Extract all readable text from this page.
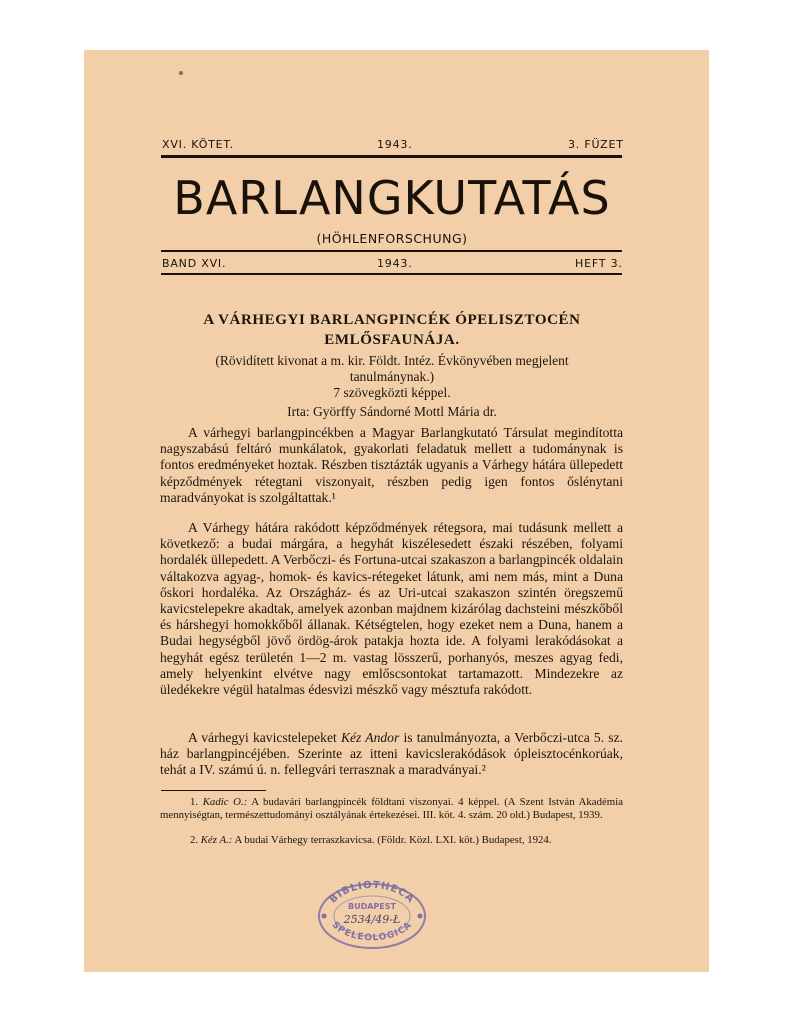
XVI. KÖTET.	1943.	3. FÜZET
BARLANGKUTATÁS
(HÖHLENFORSCHUNG)
BAND XVI.	1943.	HEFT 3.
A VÁRHEGYI BARLANGPINCÉK ÓPELISZTOCÉN
EMLŐSFAUNÁJA.
(Rövidített kivonat a m. kir. Földt. Intéz. Évkönyvében megjelent tanulmánynak.)
7 szövegközti képpel.
Irta: Györffy Sándorné Mottl Mária dr.

A várhegyi barlangpincékben a Magyar Barlangkutató Társulat megindította nagyszabású feltáró munkálatok, gyakorlati feladatuk mellett a tudománynak is fontos eredményeket hoztak. Részben tisztázták ugyanis a Várhegy hátára üllepedett képződmények rétegtani viszonyait, részben pedig igen fontos őslénytani maradványokat is szolgáltattak.¹

A Várhegy hátára rakódott képződmények rétegsora, mai tudásunk mellett a következő: a budai márgára, a hegyhát kiszélesedett északi részében, folyami hordalék üllepedett. A Verbőczi- és Fortuna-utcai szakaszon a barlangpincék oldalain váltakozva agyag-, homok- és kavics-rétegeket látunk, ami nem más, mint a Duna őskori hordaléka. Az Országház- és az Uri-utcai szakaszon szintén öregszemű kavicstelepekre akadtak, amelyek azonban majdnem kizárólag dachsteini mészkőből és hárshegyi homokkőből állanak. Kétségtelen, hogy ezeket nem a Duna, hanem a Budai hegységből jövő ördög-árok patakja hozta ide. A folyami lerakódásokat a hegyhát egész területén 1—2 m. vastag lösszerű, porhanyós, meszes agyag fedi, amely helyenkint elvétve nagy emlőscsontokat tartamazott. Mindezekre az üledékekre végül hatalmas édesvizi mészkő vagy mésztufa rakódott.

A várhegyi kavicstelepeket Kéz Andor is tanulmányozta, a Verbőczi-utca 5. sz. ház barlangpincéjében. Szerinte az itteni kavicslerakódások ópleisztocénkorúak, tehát a IV. számú ú. n. fellegvári terrasznak a maradványai.²

1. Kadic O.: A budavári barlangpincék földtani viszonyai. 4 képpel. (A Szent István Akadémia mennyiségtan, természettudományi osztályának értekezései. III. köt. 4. szám. 20 old.) Budapest, 1939.

2. Kéz A.: A budai Várhegy terraszkavicsa. (Földr. Közl. LXI. köt.) Budapest, 1924.

BIBLIOTHECA
SPELEOLOGICA
BUDAPEST
2534/49-Ł
